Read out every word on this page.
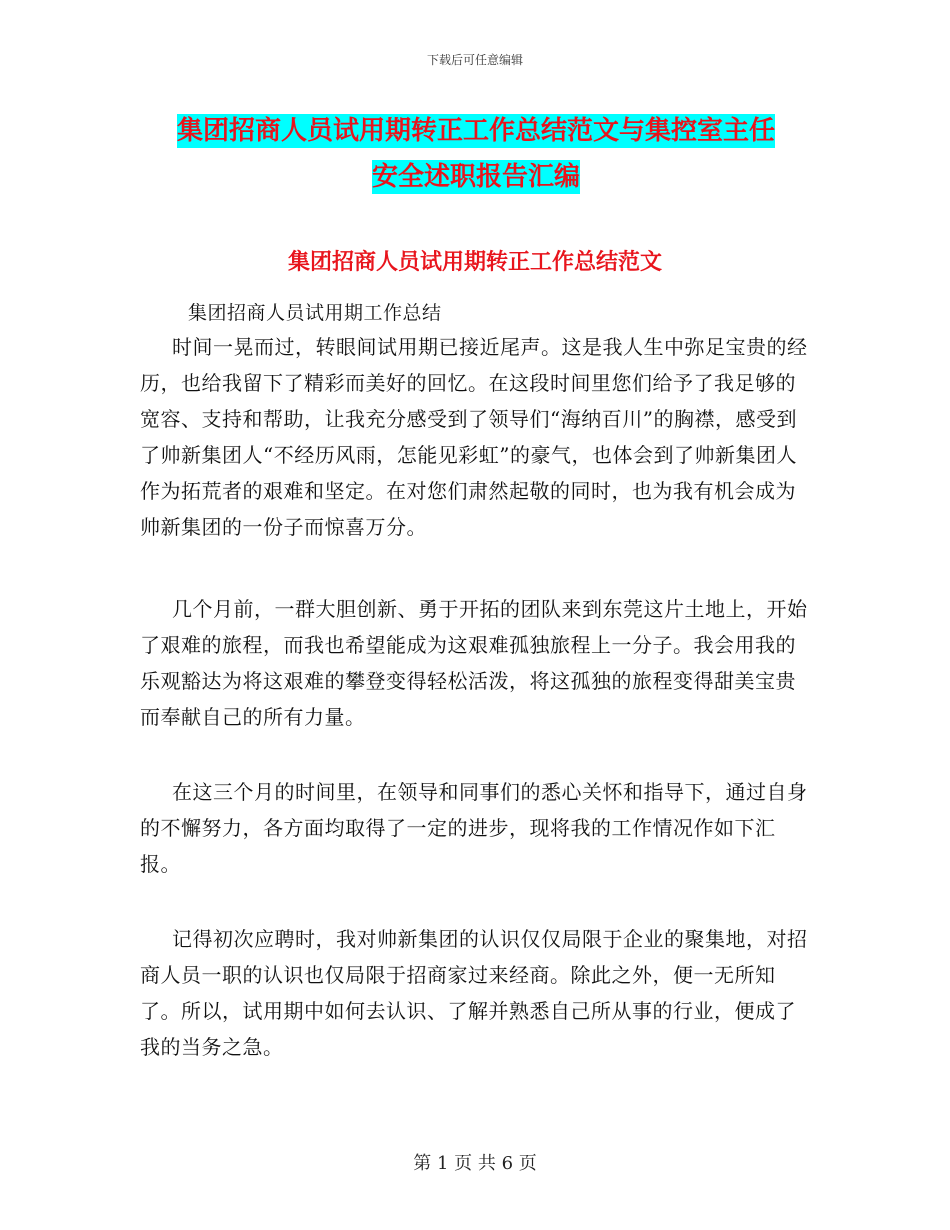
下载后可任意编辑
集团招商人员试用期转正工作总结范文与集控室主任
安全述职报告汇编
集团招商人员试用期转正工作总结范文
集团招商人员试用期工作总结
时间一晃而过，转眼间试用期已接近尾声。这是我人生中弥足宝贵的经历，也给我留下了精彩而美好的回忆。在这段时间里您们给予了我足够的宽容、支持和帮助，让我充分感受到了领导们“海纳百川”的胸襟，感受到了帅新集团人“不经历风雨，怎能见彩虹”的豪气，也体会到了帅新集团人作为拓荒者的艰难和坚定。在对您们肃然起敬的同时，也为我有机会成为帅新集团的一份子而惊喜万分。
几个月前，一群大胆创新、勇于开拓的团队来到东莞这片土地上，开始了艰难的旅程，而我也希望能成为这艰难孤独旅程上一分子。我会用我的乐观豁达为将这艰难的攀登变得轻松活泼，将这孤独的旅程变得甜美宝贵而奉献自己的所有力量。
在这三个月的时间里，在领导和同事们的悉心关怀和指导下，通过自身的不懈努力，各方面均取得了一定的进步，现将我的工作情况作如下汇报。
记得初次应聘时，我对帅新集团的认识仅仅局限于企业的聚集地，对招商人员一职的认识也仅局限于招商家过来经商。除此之外，便一无所知了。所以，试用期中如何去认识、了解并熟悉自己所从事的行业，便成了我的当务之急。
第 1 页 共 6 页
